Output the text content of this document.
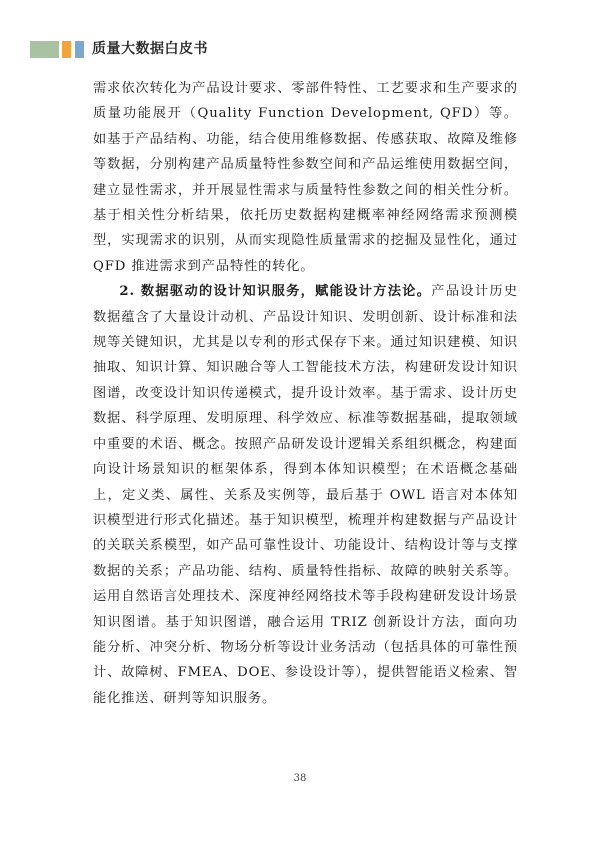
质量大数据白皮书

需求依次转化为产品设计要求、零部件特性、工艺要求和生产要求的质量功能展开（Quality Function Development, QFD）等。如基于产品结构、功能，结合使用维修数据、传感获取、故障及维修等数据，分别构建产品质量特性参数空间和产品运维使用数据空间，建立显性需求，并开展显性需求与质量特性参数之间的相关性分析。基于相关性分析结果，依托历史数据构建概率神经网络需求预测模型，实现需求的识别，从而实现隐性质量需求的挖掘及显性化，通过 QFD 推进需求到产品特性的转化。

2. 数据驱动的设计知识服务，赋能设计方法论。产品设计历史数据蕴含了大量设计动机、产品设计知识、发明创新、设计标准和法规等关键知识，尤其是以专利的形式保存下来。通过知识建模、知识抽取、知识计算、知识融合等人工智能技术方法，构建研发设计知识图谱，改变设计知识传递模式，提升设计效率。基于需求、设计历史数据、科学原理、发明原理、科学效应、标准等数据基础，提取领域中重要的术语、概念。按照产品研发设计逻辑关系组织概念，构建面向设计场景知识的框架体系，得到本体知识模型；在术语概念基础上，定义类、属性、关系及实例等，最后基于 OWL 语言对本体知识模型进行形式化描述。基于知识模型，梳理并构建数据与产品设计的关联关系模型，如产品可靠性设计、功能设计、结构设计等与支撑数据的关系；产品功能、结构、质量特性指标、故障的映射关系等。运用自然语言处理技术、深度神经网络技术等手段构建研发设计场景知识图谱。基于知识图谱，融合运用 TRIZ 创新设计方法，面向功能分析、冲突分析、物场分析等设计业务活动（包括具体的可靠性预计、故障树、FMEA、DOE、参设设计等），提供智能语义检索、智能化推送、研判等知识服务。

38
